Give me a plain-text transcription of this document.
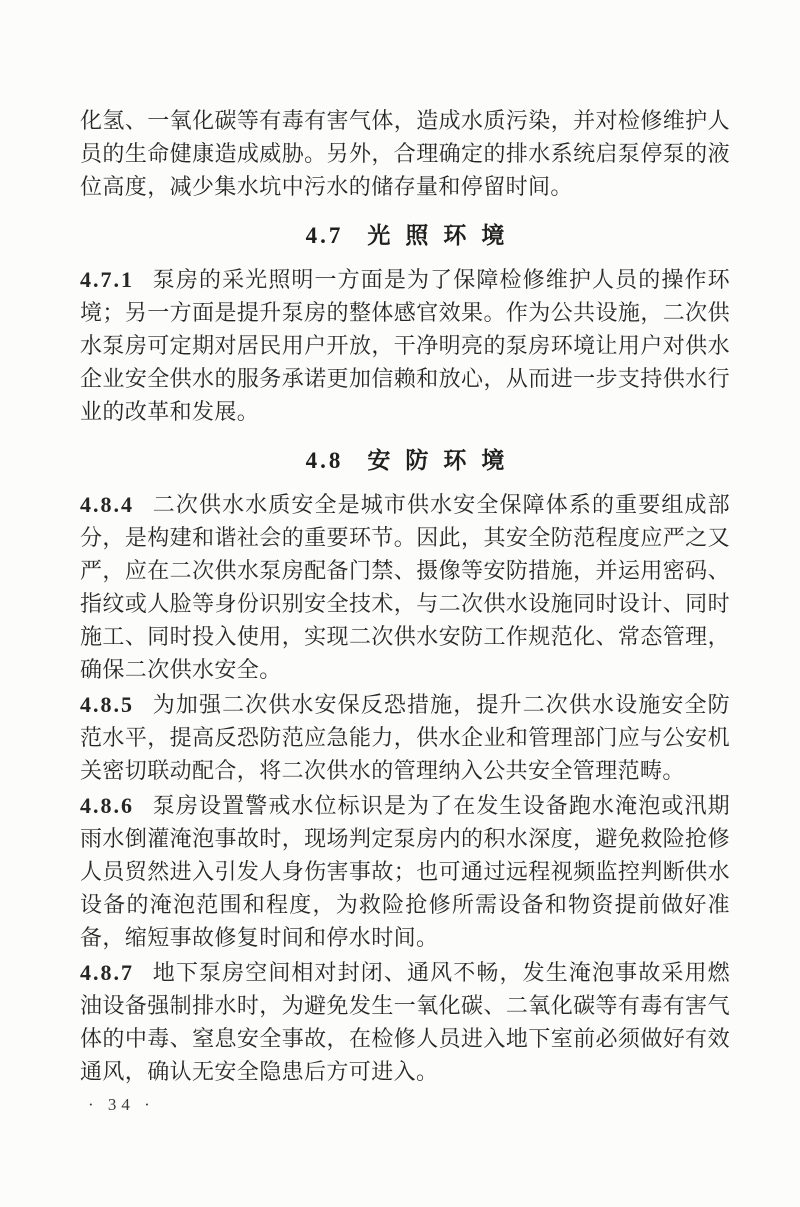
化氢、一氧化碳等有毒有害气体，造成水质污染，并对检修维护人员的生命健康造成威胁。另外，合理确定的排水系统启泵停泵的液位高度，减少集水坑中污水的储存量和停留时间。

4.7 光照环境

4.7.1 泵房的采光照明一方面是为了保障检修维护人员的操作环境；另一方面是提升泵房的整体感官效果。作为公共设施，二次供水泵房可定期对居民用户开放，干净明亮的泵房环境让用户对供水企业安全供水的服务承诺更加信赖和放心，从而进一步支持供水行业的改革和发展。

4.8 安防环境

4.8.4 二次供水水质安全是城市供水安全保障体系的重要组成部分，是构建和谐社会的重要环节。因此，其安全防范程度应严之又严，应在二次供水泵房配备门禁、摄像等安防措施，并运用密码、指纹或人脸等身份识别安全技术，与二次供水设施同时设计、同时施工、同时投入使用，实现二次供水安防工作规范化、常态管理，确保二次供水安全。

4.8.5 为加强二次供水安保反恐措施，提升二次供水设施安全防范水平，提高反恐防范应急能力，供水企业和管理部门应与公安机关密切联动配合，将二次供水的管理纳入公共安全管理范畴。

4.8.6 泵房设置警戒水位标识是为了在发生设备跑水淹泡或汛期雨水倒灌淹泡事故时，现场判定泵房内的积水深度，避免救险抢修人员贸然进入引发人身伤害事故；也可通过远程视频监控判断供水设备的淹泡范围和程度，为救险抢修所需设备和物资提前做好准备，缩短事故修复时间和停水时间。

4.8.7 地下泵房空间相对封闭、通风不畅，发生淹泡事故采用燃油设备强制排水时，为避免发生一氧化碳、二氧化碳等有毒有害气体的中毒、窒息安全事故，在检修人员进入地下室前必须做好有效通风，确认无安全隐患后方可进入。

· 34 ·
